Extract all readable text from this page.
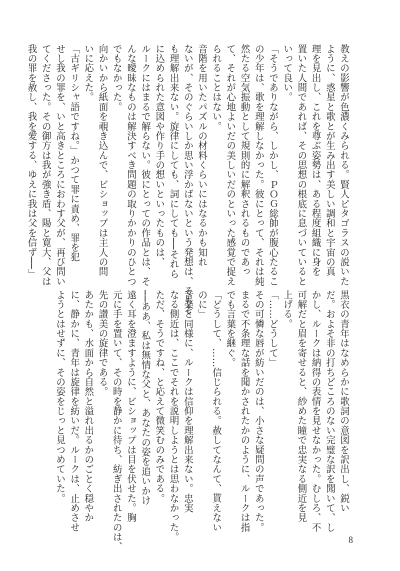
教えの影響が色濃くみられる。賢人ピタゴラスの説いた
ように、惑星と歌とが生み出す美しい調和と宇宙の真
理を見出し、これを尊ぶ姿勢は、ある程度組織に身を
置いた人間であれば、その思想の根底に息づいていると
いって良い。
「そうでありながら、しかし、ＰＯＧ総帥が腹心たるこ
の少年は、歌を理解しなかった。彼にとって、それは純
然たる空気振動として規則的に解釈されるものであっ
て、それが心地よいだの美しいだのといった感覚で捉え
られることはない。
音階を用いたパズルの材料くらいにはなるかも知れ
ないが、そのぐらいしか思い浮かばないという発想は、そもそ
も理解出来ない。旋律にしても、詞にしても──それら
に込められた意図や作り手の想いといったものは、
ルークにはまるで解らない。彼にとっての作品とは、そ
んな曖昧なものは解決すべき問題の取りかかりのひとつ
でもなかった。
向かいから紙面を覗き込んで、ビショップは主人の問
いに応えた。
「古ギリシャ語ですね。」かつて罪に責め、罪を犯
せし我の罪を、いと高きところにおわす父が、再び問い
てくださった。その御方は我が強き盾、陽と寛大、父は
我の罪を赦し、我を愛する、ゆえに我は父を信ず──」
黒衣の青年はなめらかに歌詞の意図を訳出し、鋭い
だ。およそ非の打ちどころのない完璧な訳を聞いて、し
かし、ルークは納得の表情を見せなかった。むしろ、不
可解だと眉を寄せると、紗めた瞳で忠実なる側近を見
上げる。
「……どうして」
その可憐な唇が紡いだのは、小さな疑問の声であった。
まるで不条理な話を聞かされたかのように、ルークは指
でも言葉を継ぐ。
「どうして、……信じられる。赦してなんて、貰えない
のに」
音楽と同様に、ルークは信仰を理解出来ない。忠実
なる側近は、ここでそれを説明しようとは思わなかった。
ただ、そうですね、と応えて微笑むのみである。
──ああ、私は無情な父と、あなたの姿を追いかけ
遠く耳を澄ますように、ビショップは目を伏せた。胸
元に手を置いて、その時を静かに待ち、紡ぎ出されたのは、
先の讃美の旋律である。
あたかも、水面から自然と溢れ出るかのごとく穏やか
に、静かに、青年は旋律を紡いだ。ルークは、止めさせ
ようとはせずに、その姿をじっと見つめていた。
8
